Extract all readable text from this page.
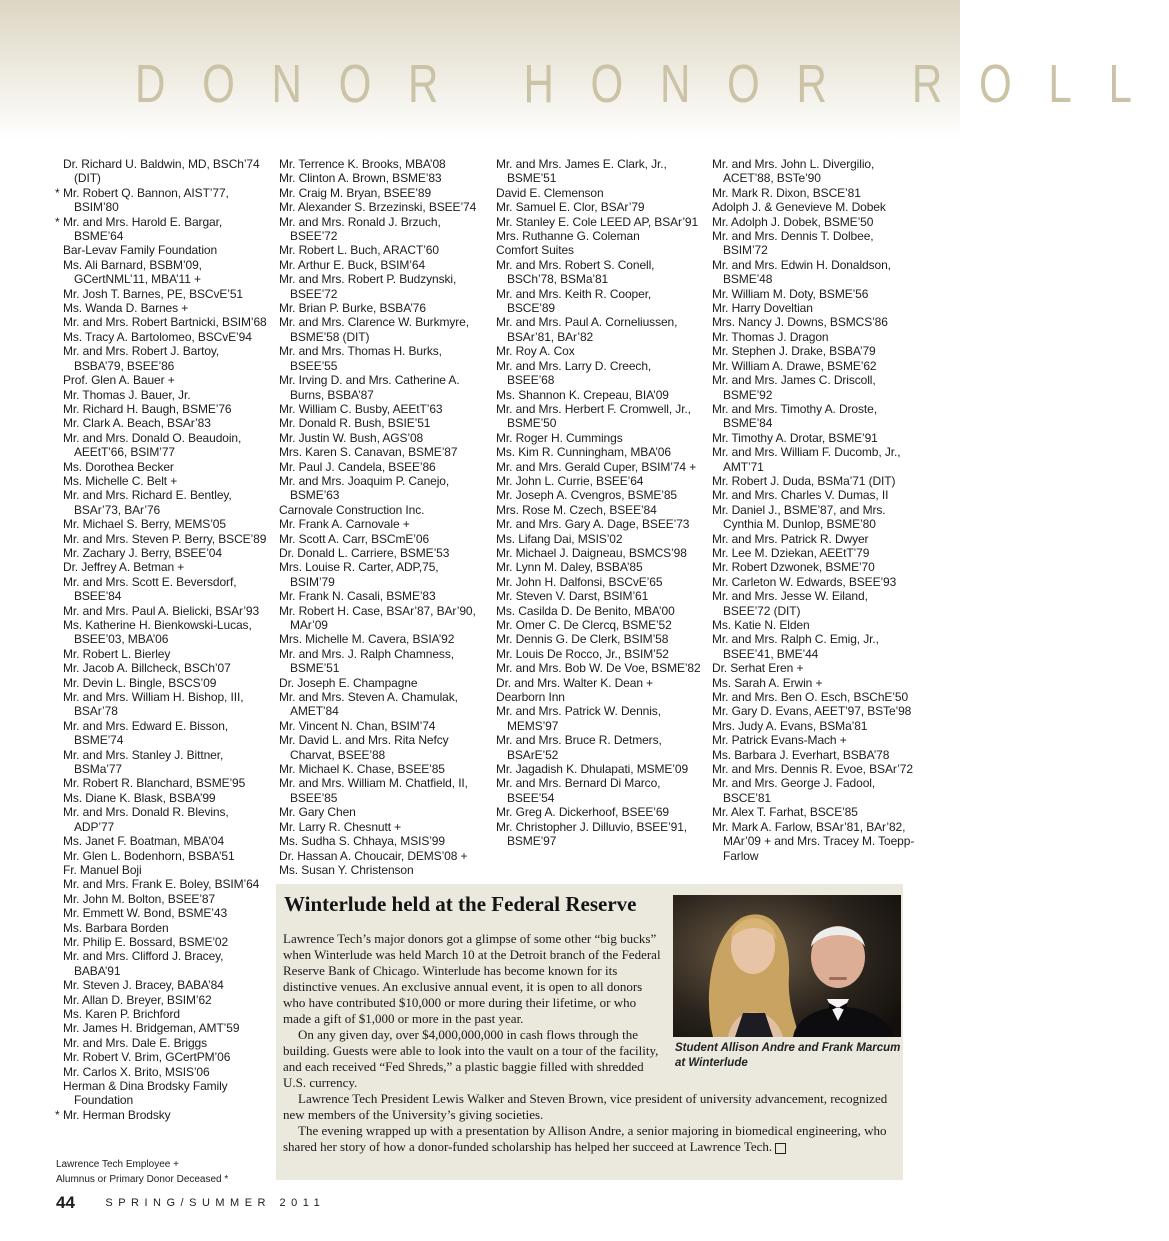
DONOR HONOR ROLL
Dr. Richard U. Baldwin, MD, BSCh’74 (DIT)
* Mr. Robert Q. Bannon, AIST’77, BSIM’80
* Mr. and Mrs. Harold E. Bargar, BSME’64
Bar-Levav Family Foundation
Ms. Ali Barnard, BSBM’09, GCertNML’11, MBA’11 +
Mr. Josh T. Barnes, PE, BSCvE’51
Ms. Wanda D. Barnes +
Mr. and Mrs. Robert Bartnicki, BSIM’68
Ms. Tracy A. Bartolomeo, BSCvE’94
Mr. and Mrs. Robert J. Bartoy, BSBA’79, BSEE’86
Prof. Glen A. Bauer +
Mr. Thomas J. Bauer, Jr.
Mr. Richard H. Baugh, BSME’76
Mr. Clark A. Beach, BSAr’83
Mr. and Mrs. Donald O. Beaudoin, AEEtT’66, BSIM’77
Ms. Dorothea Becker
Ms. Michelle C. Belt +
Mr. and Mrs. Richard E. Bentley, BSAr’73, BAr’76
Mr. Michael S. Berry, MEMS’05
Mr. and Mrs. Steven P. Berry, BSCE’89
Mr. Zachary J. Berry, BSEE’04
Dr. Jeffrey A. Betman +
Mr. and Mrs. Scott E. Beversdorf, BSEE’84
Mr. and Mrs. Paul A. Bielicki, BSAr’93
Ms. Katherine H. Bienkowski-Lucas, BSEE’03, MBA’06
Mr. Robert L. Bierley
Mr. Jacob A. Billcheck, BSCh’07
Mr. Devin L. Bingle, BSCS’09
Mr. and Mrs. William H. Bishop, III, BSAr’78
Mr. and Mrs. Edward E. Bisson, BSME’74
Mr. and Mrs. Stanley J. Bittner, BSMa’77
Mr. Robert R. Blanchard, BSME’95
Ms. Diane K. Blask, BSBA’99
Mr. and Mrs. Donald R. Blevins, ADP’77
Ms. Janet F. Boatman, MBA’04
Mr. Glen L. Bodenhorn, BSBA’51
Fr. Manuel Boji
Mr. and Mrs. Frank E. Boley, BSIM’64
Mr. John M. Bolton, BSEE’87
Mr. Emmett W. Bond, BSME’43
Ms. Barbara Borden
Mr. Philip E. Bossard, BSME’02
Mr. and Mrs. Clifford J. Bracey, BABA’91
Mr. Steven J. Bracey, BABA’84
Mr. Allan D. Breyer, BSIM’62
Ms. Karen P. Brichford
Mr. James H. Bridgeman, AMT’59
Mr. and Mrs. Dale E. Briggs
Mr. Robert V. Brim, GCertPM’06
Mr. Carlos X. Brito, MSIS’06
Herman & Dina Brodsky Family Foundation
* Mr. Herman Brodsky
Mr. Terrence K. Brooks, MBA’08
Mr. Clinton A. Brown, BSME’83
Mr. Craig M. Bryan, BSEE’89
Mr. Alexander S. Brzezinski, BSEE’74
Mr. and Mrs. Ronald J. Brzuch, BSEE’72
Mr. Robert L. Buch, ARACT’60
Mr. Arthur E. Buck, BSIM’64
Mr. and Mrs. Robert P. Budzynski, BSEE’72
Mr. Brian P. Burke, BSBA’76
Mr. and Mrs. Clarence W. Burkmyre, BSME’58 (DIT)
Mr. and Mrs. Thomas H. Burks, BSEE’55
Mr. Irving D. and Mrs. Catherine A. Burns, BSBA’87
Mr. William C. Busby, AEEtT’63
Mr. Donald R. Bush, BSIE’51
Mr. Justin W. Bush, AGS’08
Mrs. Karen S. Canavan, BSME’87
Mr. Paul J. Candela, BSEE’86
Mr. and Mrs. Joaquim P. Canejo, BSME’63
Carnovale Construction Inc.
Mr. Frank A. Carnovale +
Mr. Scott A. Carr, BSCmE’06
Dr. Donald L. Carriere, BSME’53
Mrs. Louise R. Carter, ADP,75, BSIM’79
Mr. Frank N. Casali, BSME’83
Mr. Robert H. Case, BSAr’87, BAr’90, MAr’09
Mrs. Michelle M. Cavera, BSIA’92
Mr. and Mrs. J. Ralph Chamness, BSME’51
Dr. Joseph E. Champagne
Mr. and Mrs. Steven A. Chamulak, AMET’84
Mr. Vincent N. Chan, BSIM’74
Mr. David L. and Mrs. Rita Nefcy Charvat, BSEE’88
Mr. Michael K. Chase, BSEE’85
Mr. and Mrs. William M. Chatfield, II, BSEE’85
Mr. Gary Chen
Mr. Larry R. Chesnutt +
Ms. Sudha S. Chhaya, MSIS’99
Dr. Hassan A. Choucair, DEMS’08 +
Ms. Susan Y. Christenson
Mr. and Mrs. James E. Clark, Jr., BSME’51
David E. Clemenson
Mr. Samuel E. Clor, BSAr’79
Mr. Stanley E. Cole LEED AP, BSAr’91
Mrs. Ruthanne G. Coleman
Comfort Suites
Mr. and Mrs. Robert S. Conell, BSCh’78, BSMa’81
Mr. and Mrs. Keith R. Cooper, BSCE’89
Mr. and Mrs. Paul A. Corneliussen, BSAr’81, BAr’82
Mr. Roy A. Cox
Mr. and Mrs. Larry D. Creech, BSEE’68
Ms. Shannon K. Crepeau, BIA’09
Mr. and Mrs. Herbert F. Cromwell, Jr., BSME’50
Mr. Roger H. Cummings
Ms. Kim R. Cunningham, MBA’06
Mr. and Mrs. Gerald Cuper, BSIM’74 +
Mr. John L. Currie, BSEE’64
Mr. Joseph A. Cvengros, BSME’85
Mrs. Rose M. Czech, BSEE’84
Mr. and Mrs. Gary A. Dage, BSEE’73
Ms. Lifang Dai, MSIS’02
Mr. Michael J. Daigneau, BSMCS’98
Mr. Lynn M. Daley, BSBA’85
Mr. John H. Dalfonsi, BSCvE’65
Mr. Steven V. Darst, BSIM’61
Ms. Casilda D. De Benito, MBA’00
Mr. Omer C. De Clercq, BSME’52
Mr. Dennis G. De Clerk, BSIM’58
Mr. Louis De Rocco, Jr., BSIM’52
Mr. and Mrs. Bob W. De Voe, BSME’82
Dr. and Mrs. Walter K. Dean +
Dearborn Inn
Mr. and Mrs. Patrick W. Dennis, MEMS’97
Mr. and Mrs. Bruce R. Detmers, BSArE’52
Mr. Jagadish K. Dhulapati, MSME’09
Mr. and Mrs. Bernard Di Marco, BSEE’54
Mr. Greg A. Dickerhoof, BSEE’69
Mr. Christopher J. Dilluvio, BSEE’91, BSME’97
Mr. and Mrs. John L. Divergilio, ACET’88, BSTe’90
Mr. Mark R. Dixon, BSCE’81
Adolph J. & Genevieve M. Dobek
Mr. Adolph J. Dobek, BSME’50
Mr. and Mrs. Dennis T. Dolbee, BSIM’72
Mr. and Mrs. Edwin H. Donaldson, BSME’48
Mr. William M. Doty, BSME’56
Mr. Harry Doveltian
Mrs. Nancy J. Downs, BSMCS’86
Mr. Thomas J. Dragon
Mr. Stephen J. Drake, BSBA’79
Mr. William A. Drawe, BSME’62
Mr. and Mrs. James C. Driscoll, BSME’92
Mr. and Mrs. Timothy A. Droste, BSME’84
Mr. Timothy A. Drotar, BSME’91
Mr. and Mrs. William F. Ducomb, Jr., AMT’71
Mr. Robert J. Duda, BSMa’71 (DIT)
Mr. and Mrs. Charles V. Dumas, II
Mr. Daniel J., BSME’87, and Mrs. Cynthia M. Dunlop, BSME’80
Mr. and Mrs. Patrick R. Dwyer
Mr. Lee M. Dziekan, AEEtT’79
Mr. Robert Dzwonek, BSME’70
Mr. Carleton W. Edwards, BSEE’93
Mr. and Mrs. Jesse W. Eiland, BSEE’72 (DIT)
Ms. Katie N. Elden
Mr. and Mrs. Ralph C. Emig, Jr., BSEE’41, BME’44
Dr. Serhat Eren +
Ms. Sarah A. Erwin +
Mr. and Mrs. Ben O. Esch, BSChE’50
Mr. Gary D. Evans, AEET’97, BSTe’98
Mrs. Judy A. Evans, BSMa’81
Mr. Patrick Evans-Mach +
Ms. Barbara J. Everhart, BSBA’78
Mr. and Mrs. Dennis R. Evoe, BSAr’72
Mr. and Mrs. George J. Fadool, BSCE’81
Mr. Alex T. Farhat, BSCE’85
Mr. Mark A. Farlow, BSAr’81, BAr’82, MAr’09 + and Mrs. Tracey M. Toepp-Farlow
Winterlude held at the Federal Reserve
Student Allison Andre and Frank Marcum at Winterlude

Lawrence Tech’s major donors got a glimpse of some other “big bucks” when Winterlude was held March 10 at the Detroit branch of the Federal Reserve Bank of Chicago. Winterlude has become known for its distinctive venues. An exclusive annual event, it is open to all donors who have contributed $10,000 or more during their lifetime, or who made a gift of $1,000 or more in the past year.

On any given day, over $4,000,000,000 in cash flows through the building. Guests were able to look into the vault on a tour of the facility, and each received “Fed Shreds,” a plastic baggie filled with shredded U.S. currency.

Lawrence Tech President Lewis Walker and Steven Brown, vice president of university advancement, recognized new members of the University’s giving societies.

The evening wrapped up with a presentation by Allison Andre, a senior majoring in biomedical engineering, who shared her story of how a donor-funded scholarship has helped her succeed at Lawrence Tech.

Lawrence Tech Employee +
Alumnus or Primary Donor Deceased *
44	SPRING/SUMMER 2011
